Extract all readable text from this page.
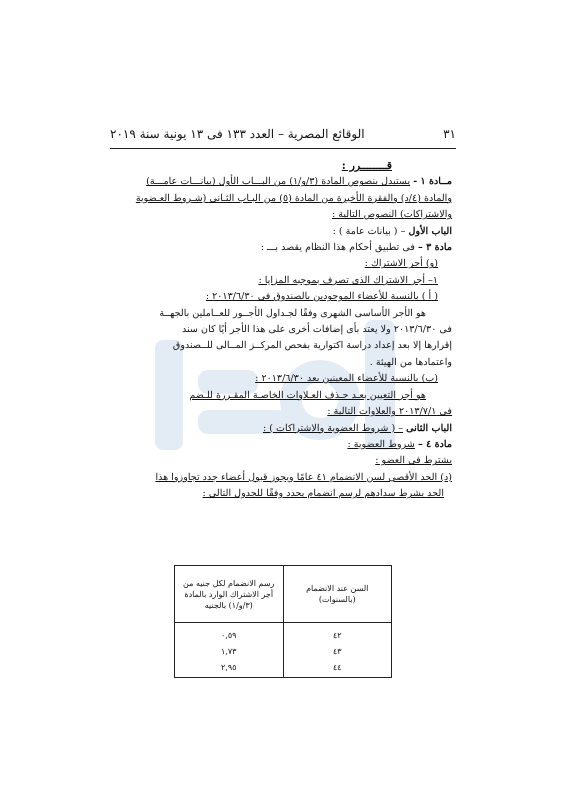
٣١
الوقائع المصرية – العدد ١٣٣ فى ١٣ يونية سنة ٢٠١٩
قــــــــرر :
مــادة ١ - يستبدل بنصوص المادة (٣/و/١) من البـــاب الأول (بيانـــات عامـــة)
والمادة (٤/د) والفقرة الأخيرة من المادة (٥) من البـاب الثـانى (شـروط العـضوية
والاشتراكات) النصوص التالية :
الباب الأول – ( بيانات عامة ) :
مادة ٣ – فى تطبيق أحكام هذا النظام يقصد بـــ :
(و) أجر الاشتراك :
١– أجر الاشتراك الذى تصرف بموجبه المزايا :
( أ ) بالنسبة للأعضاء الموجودين بالصندوق فى ٢٠١٣/٦/٣٠ :
هو الأجر الأساسى الشهرى وفقًا لجـداول الأجــور للعــاملين بالجهــة
فى ٢٠١٣/٦/٣٠ ولا يعتد بأى إضافات أخرى على هذا الأجر أيًا كان سند
إقرارها إلا بعد إعداد دراسة اكتوارية بفحص المركــز المــالى للــصندوق
واعتمادها من الهيئة .
(ب) بالنسبة للأعضاء المعينين بعد ٢٠١٣/٦/٣٠ :
هو أجر التعيين بعـد حـذف العـلاوات الخاصـة المقـررة للـضم
فى ٢٠١٣/٧/١ والعلاوات التالية :
الباب الثانى – ( شروط العضوية والاشتراكات ) :
مادة ٤ – شروط العضوية :
يشترط فى العضو :
(د) الحد الأقصى لسن الانضمام ٤١ عامًا ويجوز قبول أعضاء جدد تجاوزوا هذا
الحد بشرط سدادهم لرسم انضمام يحدد وفقًا للجدول التالى :
السن عند الانضمام (بالسنوات)	رسم الانضمام لكل جنيه من أجر الاشتراك الوارد بالمادة (٣/و/١) بالجنيه
٤٢	٠,٥٩
٤٣	١,٧٣
٤٤	٢,٩٥
